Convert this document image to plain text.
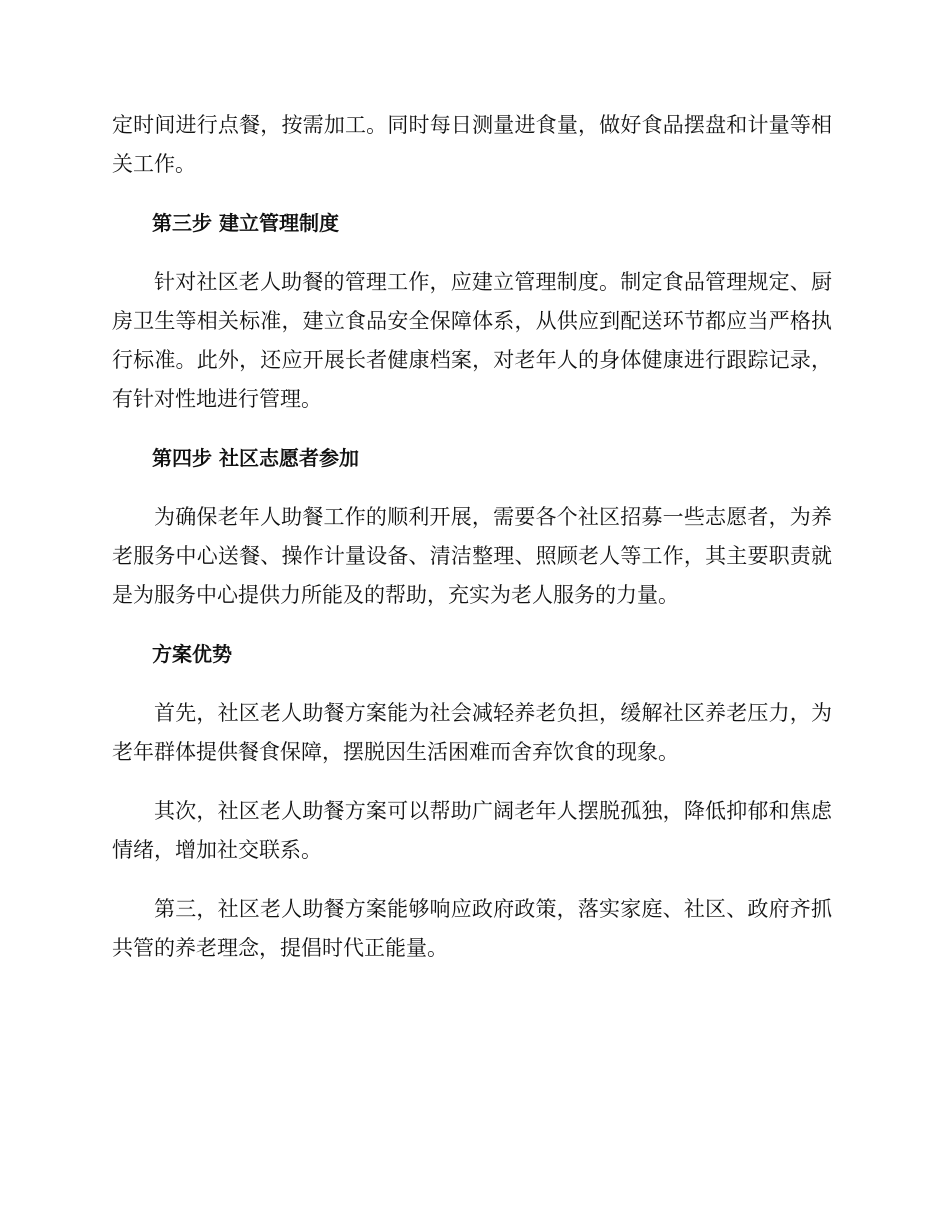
定时间进行点餐，按需加工。同时每日测量进食量，做好食品摆盘和计量等相关工作。

第三步 建立管理制度

针对社区老人助餐的管理工作，应建立管理制度。制定食品管理规定、厨房卫生等相关标准，建立食品安全保障体系，从供应到配送环节都应当严格执行标准。此外，还应开展长者健康档案，对老年人的身体健康进行跟踪记录，有针对性地进行管理。

第四步 社区志愿者参加

为确保老年人助餐工作的顺利开展，需要各个社区招募一些志愿者，为养老服务中心送餐、操作计量设备、清洁整理、照顾老人等工作，其主要职责就是为服务中心提供力所能及的帮助，充实为老人服务的力量。

方案优势

首先，社区老人助餐方案能为社会减轻养老负担，缓解社区养老压力，为老年群体提供餐食保障，摆脱因生活困难而舍弃饮食的现象。

其次，社区老人助餐方案可以帮助广阔老年人摆脱孤独，降低抑郁和焦虑情绪，增加社交联系。

第三，社区老人助餐方案能够响应政府政策，落实家庭、社区、政府齐抓共管的养老理念，提倡时代正能量。
